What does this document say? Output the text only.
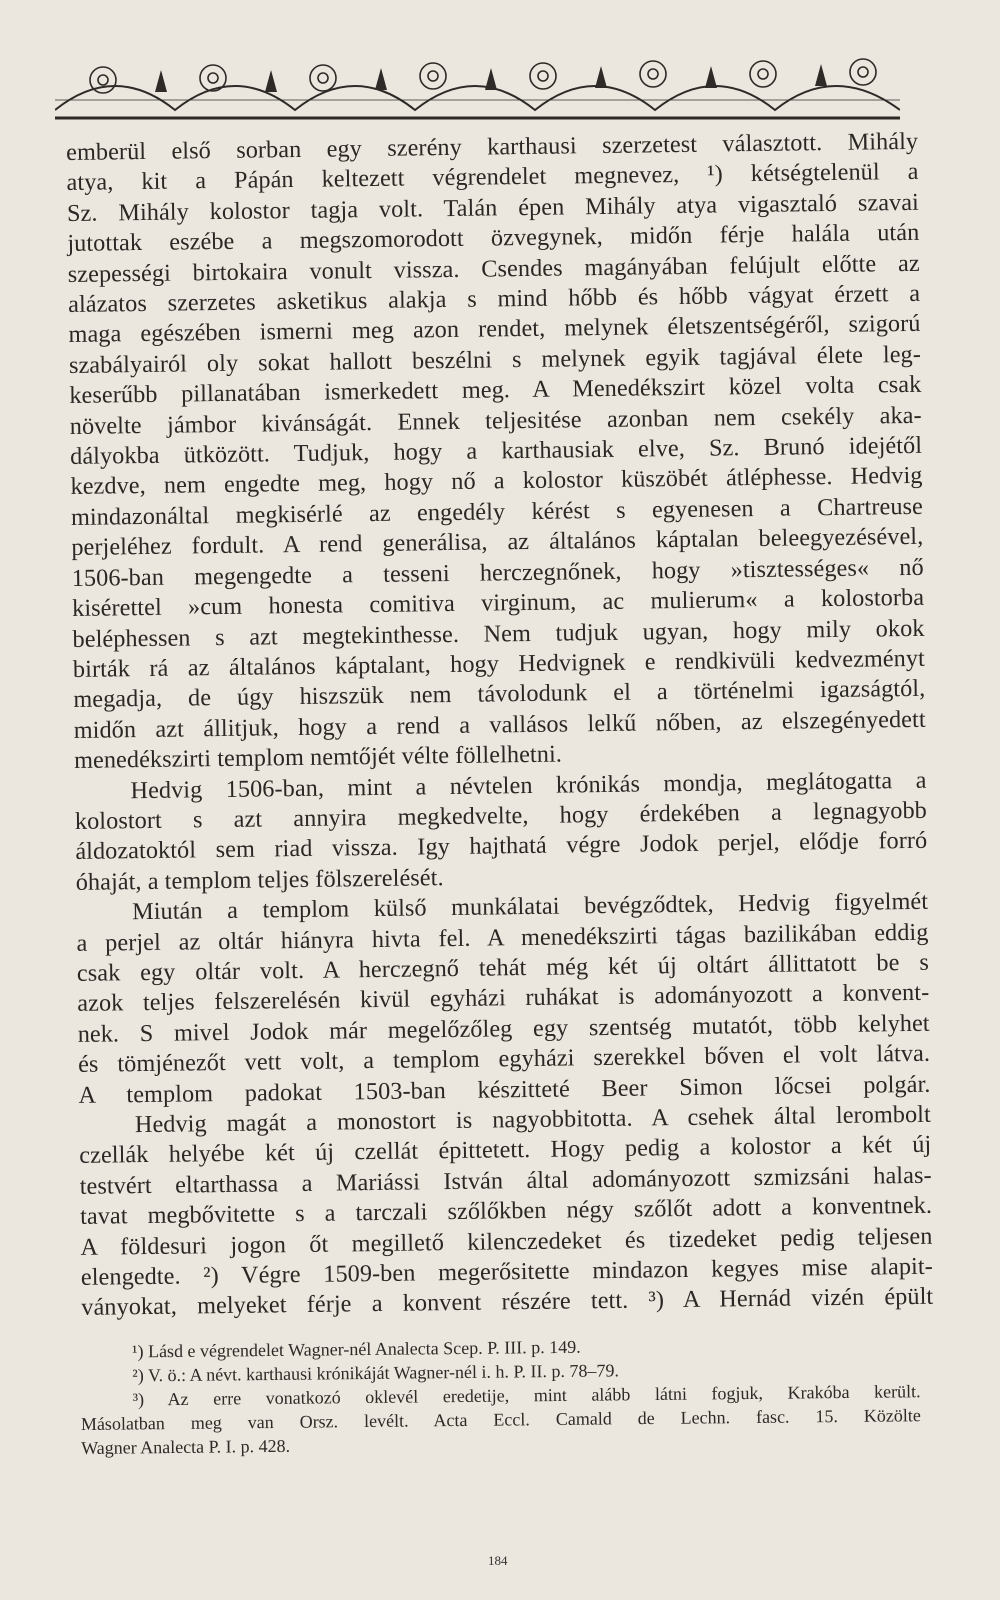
emberül első sorban egy szerény karthausi szerzetest választott. Mihály
atya, kit a Pápán keltezett végrendelet megnevez, ¹) kétségtelenül a
Sz. Mihály kolostor tagja volt. Talán épen Mihály atya vigasztaló szavai
jutottak eszébe a megszomorodott özvegynek, midőn férje halála után
szepességi birtokaira vonult vissza. Csendes magányában felújult előtte az
alázatos szerzetes asketikus alakja s mind hőbb és hőbb vágyat érzett a
maga egészében ismerni meg azon rendet, melynek életszentségéről, szigorú
szabályairól oly sokat hallott beszélni s melynek egyik tagjával élete leg-
keserűbb pillanatában ismerkedett meg. A Menedékszirt közel volta csak
növelte jámbor kivánságát. Ennek teljesitése azonban nem csekély aka-
dályokba ütközött. Tudjuk, hogy a karthausiak elve, Sz. Brunó idejétől
kezdve, nem engedte meg, hogy nő a kolostor küszöbét átléphesse. Hedvig
mindazonáltal megkisérlé az engedély kérést s egyenesen a Chartreuse
perjeléhez fordult. A rend generálisa, az általános káptalan beleegyezésével,
1506-ban megengedte a tesseni herczegnőnek, hogy »tisztességes« nő
kisérettel »cum honesta comitiva virginum, ac mulierum« a kolostorba
beléphessen s azt megtekinthesse. Nem tudjuk ugyan, hogy mily okok
birták rá az általános káptalant, hogy Hedvignek e rendkivüli kedvezményt
megadja, de úgy hiszszük nem távolodunk el a történelmi igazságtól,
midőn azt állitjuk, hogy a rend a vallásos lelkű nőben, az elszegényedett
menedékszirti templom nemtőjét vélte föllelhetni.

Hedvig 1506-ban, mint a névtelen krónikás mondja, meglátogatta a
kolostort s azt annyira megkedvelte, hogy érdekében a legnagyobb
áldozatoktól sem riad vissza. Igy hajthatá végre Jodok perjel, elődje forró
óhaját, a templom teljes fölszerelését.

Miután a templom külső munkálatai bevégződtek, Hedvig figyelmét
a perjel az oltár hiányra hivta fel. A menedékszirti tágas bazilikában eddig
csak egy oltár volt. A herczegnő tehát még két új oltárt állittatott be s
azok teljes felszerelésén kivül egyházi ruhákat is adományozott a konvent-
nek. S mivel Jodok már megelőzőleg egy szentség mutatót, több kelyhet
és tömjénezőt vett volt, a templom egyházi szerekkel bőven el volt látva.
A templom padokat 1503-ban készitteté Beer Simon lőcsei polgár.

Hedvig magát a monostort is nagyobbitotta. A csehek által lerombolt
czellák helyébe két új czellát épittetett. Hogy pedig a kolostor a két új
testvért eltarthassa a Mariássi István által adományozott szmizsáni halas-
tavat megbővitette s a tarczali szőlőkben négy szőlőt adott a konventnek.
A földesuri jogon őt megillető kilenczedeket és tizedeket pedig teljesen
elengedte. ²) Végre 1509-ben megerősitette mindazon kegyes mise alapit-
ványokat, melyeket férje a konvent részére tett. ³) A Hernád vizén épült

¹) Lásd e végrendelet Wagner-nél Analecta Scep. P. III. p. 149.
²) V. ö.: A névt. karthausi krónikáját Wagner-nél i. h. P. II. p. 78–79.
³) Az erre vonatkozó oklevél eredetije, mint alább látni fogjuk, Krakóba került.
Másolatban meg van Orsz. levélt. Acta Eccl. Camald de Lechn. fasc. 15. Közölte
Wagner Analecta P. I. p. 428.
184
